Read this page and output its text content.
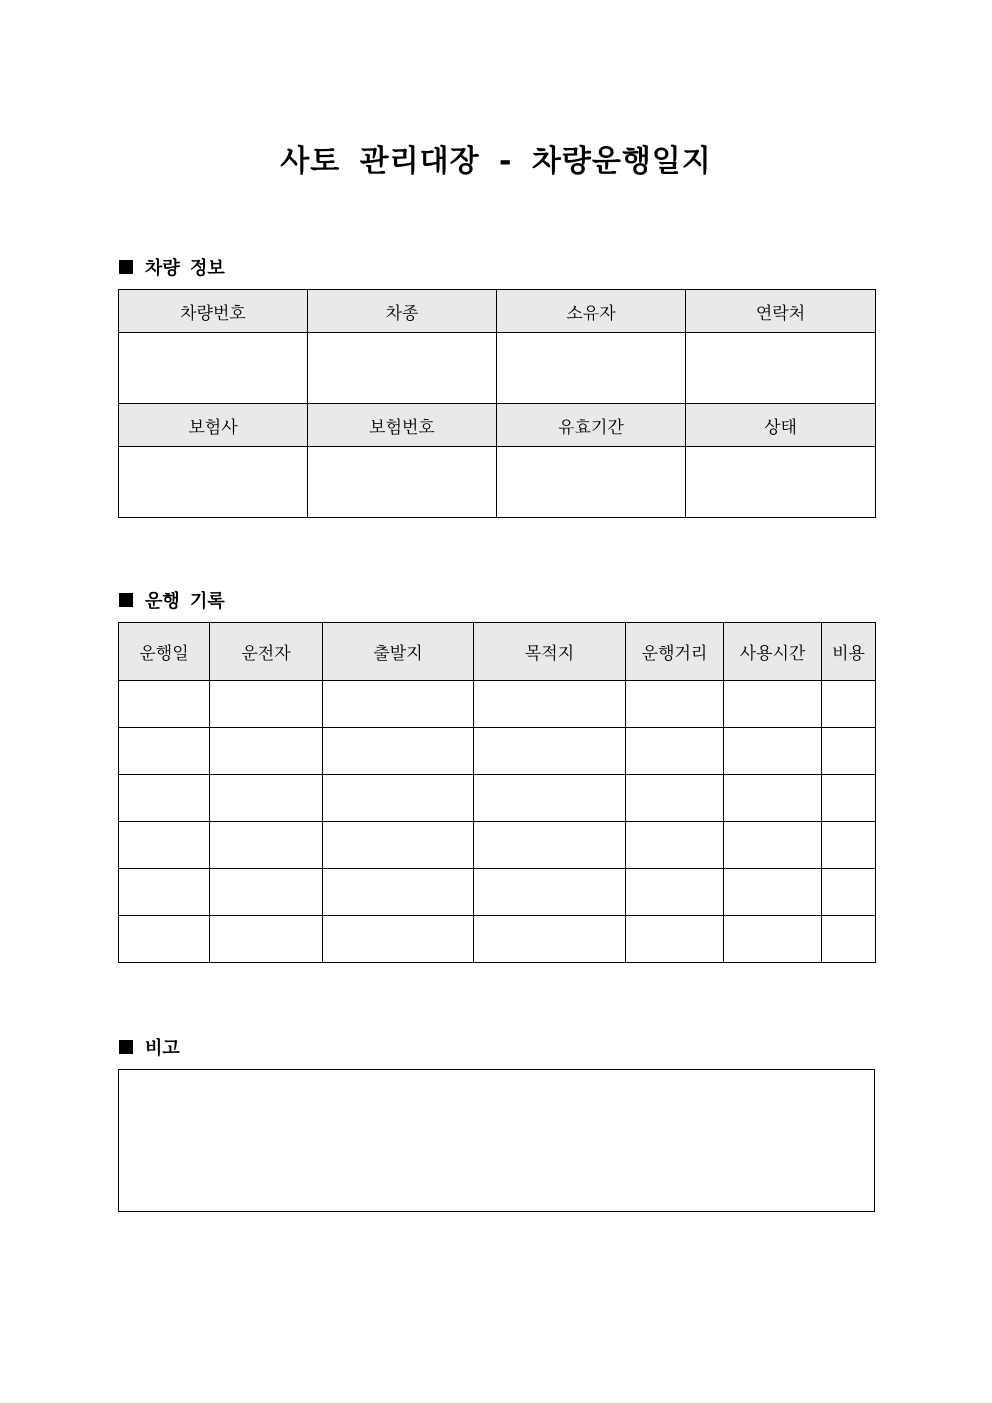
사토 관리대장 - 차량운행일지
차량 정보
차량번호	차종	소유자	연락처

보험사	보험번호	유효기간	상태

운행 기록
운행일	운전자	출발지	목적지	운행거리	사용시간	비용

비고
